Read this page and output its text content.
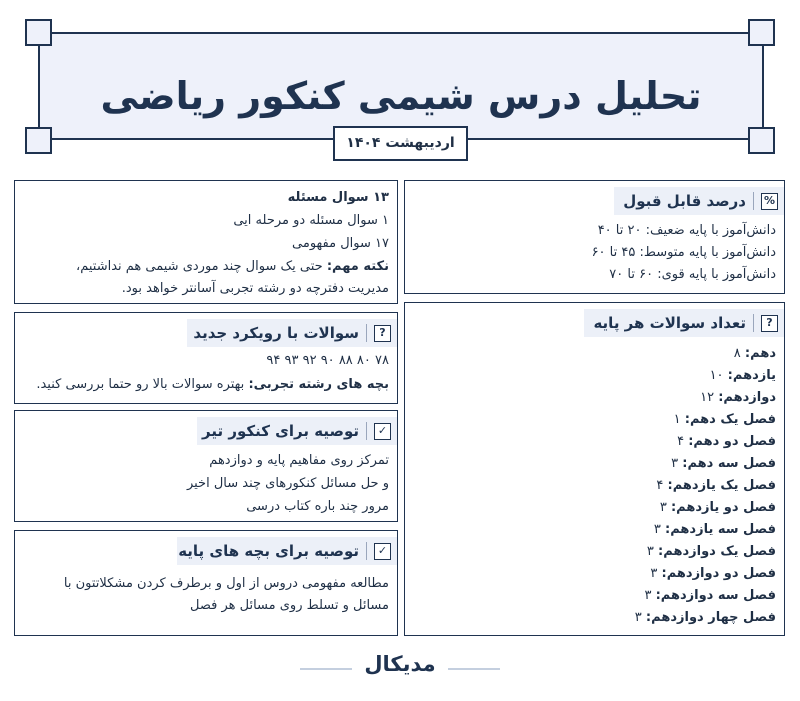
تحلیل درس شیمی کنکور ریاضی
اردیبهشت ۱۴۰۴
۱۳ سوال مسئله
۱ سوال مسئله دو مرحله ایی
۱۷ سوال مفهومی
نکته مهم: حتی یک سوال چند موردی شیمی هم نداشتیم،
مدیریت دفترچه دو رشته تجربی آسانتر خواهد بود.
%
درصد قابل قبول
دانش‌آموز با پایه ضعیف: ۲۰ تا ۴۰
دانش‌آموز با پایه متوسط: ۴۵ تا ۶۰
دانش‌آموز با پایه قوی: ۶۰ تا ۷۰
?
سوالات با رویکرد جدید
۷۸ ۸۰ ۸۸ ۹۰ ۹۲ ۹۳ ۹۴
بچه های رشته تجربی: بهتره سوالات بالا رو حتما بررسی کنید.
✓
توصیه برای کنکور تیر
تمرکز روی مفاهیم پایه و دوازدهم
و حل مسائل کنکورهای چند سال اخیر
مرور چند باره کتاب درسی
✓
توصیه برای بچه های پایه
مطالعه مفهومی دروس از اول و برطرف کردن مشکلاتتون با
مسائل و تسلط روی مسائل هر فصل
?
تعداد سوالات هر پایه
دهم: ۸
یازدهم: ۱۰
دوازدهم: ۱۲
فصل یک دهم: ۱
فصل دو دهم: ۴
فصل سه دهم: ۳
فصل یک یازدهم: ۴
فصل دو یازدهم: ۳
فصل سه یازدهم: ۳
فصل یک دوازدهم: ۳
فصل دو دوازدهم: ۳
فصل سه دوازدهم: ۳
فصل چهار دوازدهم: ۳
مدیکال
